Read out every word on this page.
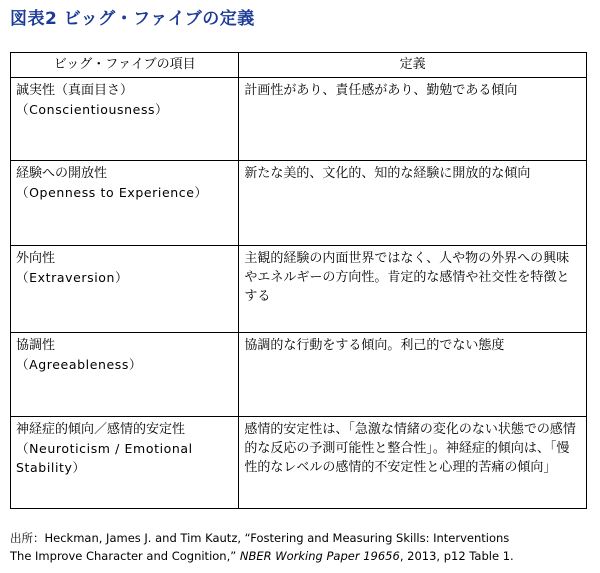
図表2 ビッグ・ファイブの定義
ビッグ・ファイブの項目	定義
誠実性（真面目さ）
（Conscientiousness）	計画性があり、責任感があり、勤勉である傾向
経験への開放性
（Openness to Experience）	新たな美的、文化的、知的な経験に開放的な傾向
外向性
（Extraversion）	主観的経験の内面世界ではなく、人や物の外界への興味やエネルギーの方向性。肯定的な感情や社交性を特徴とする
協調性
（Agreeableness）	協調的な行動をする傾向。利己的でない態度
神経症的傾向／感情的安定性
（Neuroticism / Emotional Stability）	感情的安定性は、「急激な情緒の変化のない状態での感情的な反応の予測可能性と整合性」。神経症的傾向は、「慢性的なレベルの感情的不安定性と心理的苦痛の傾向」
出所：Heckman, James J. and Tim Kautz, “Fostering and Measuring Skills: Interventions
The Improve Character and Cognition,” NBER Working Paper 19656, 2013, p12 Table 1.
